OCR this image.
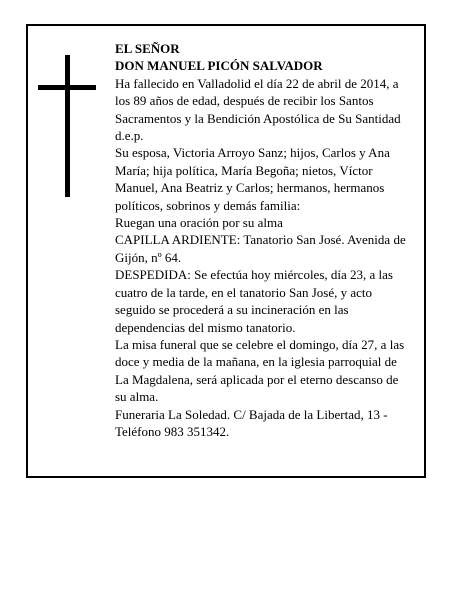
EL SEÑOR

DON MANUEL PICÓN SALVADOR

Ha fallecido en Valladolid el día 22 de abril de 2014, a los 89 años de edad, después de recibir los Santos Sacramentos y la Bendición Apostólica de Su Santidad d.e.p.

Su esposa, Victoria Arroyo Sanz; hijos, Carlos y Ana María; hija política, María Begoña; nietos, Víctor Manuel, Ana Beatriz y Carlos; hermanos, hermanos políticos, sobrinos y demás familia:

Ruegan una oración por su alma

CAPILLA ARDIENTE: Tanatorio San José. Avenida de Gijón, nº 64.

DESPEDIDA: Se efectúa hoy miércoles, día 23, a las cuatro de la tarde, en el tanatorio San José, y acto seguido se procederá a su incineración en las dependencias del mismo tanatorio.

La misa funeral que se celebre el domingo, día 27, a las doce y media de la mañana, en la iglesia parroquial de La Magdalena, será aplicada por el eterno descanso de su alma.

Funeraria La Soledad. C/ Bajada de la Libertad, 13 - Teléfono 983 351342.
